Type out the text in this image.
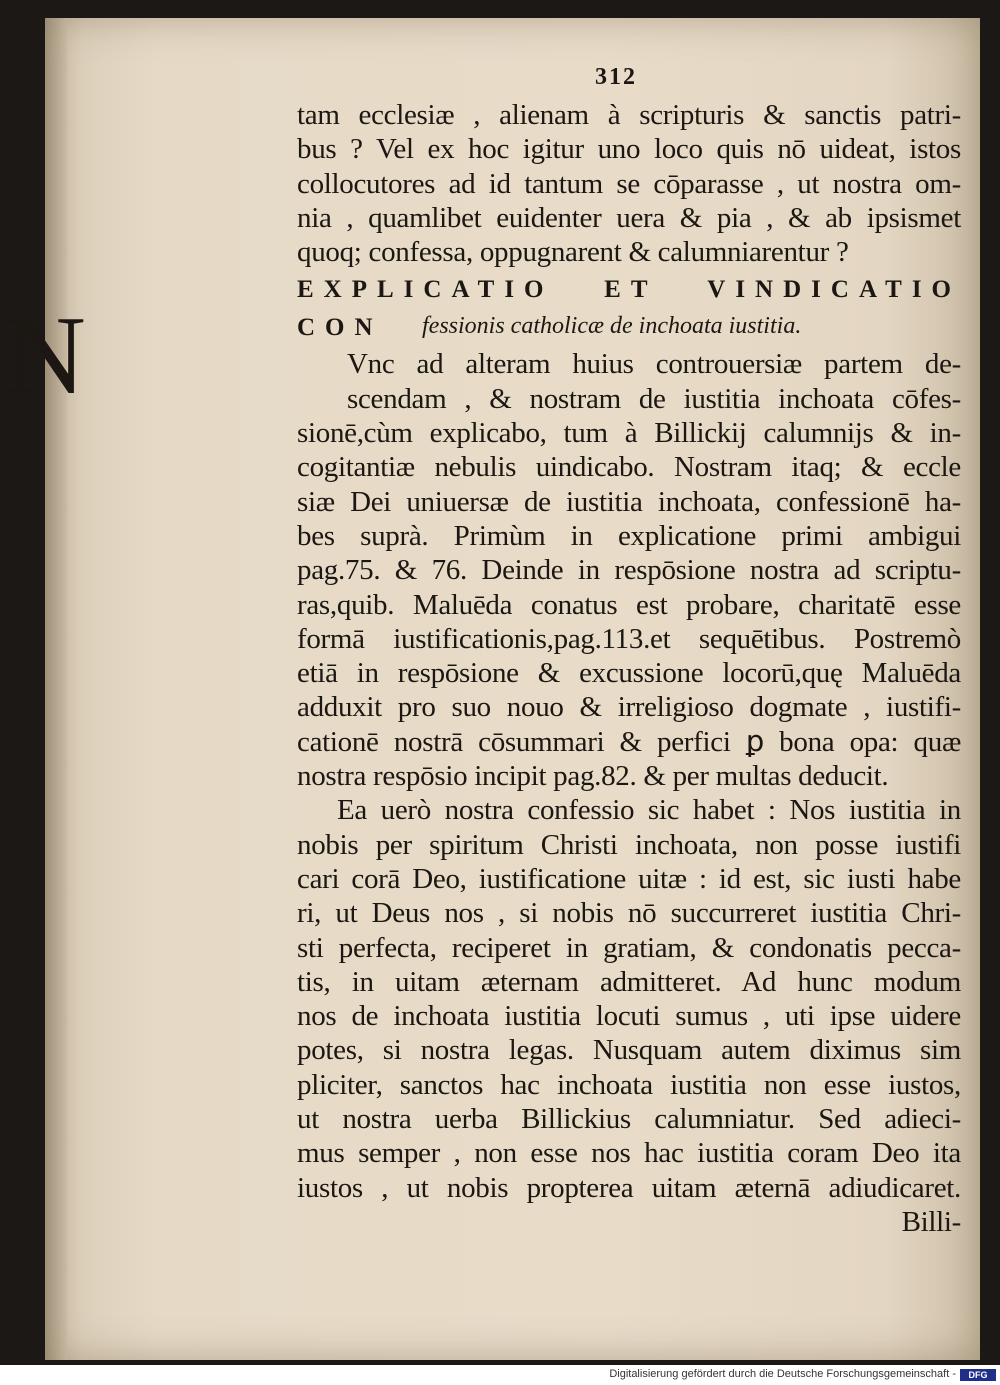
312
N
tam ecclesiæ , alienam à scripturis & sanctis patri-
bus ? Vel ex hoc igitur uno loco quis nō uideat, istos
collocutores ad id tantum se cōparasse , ut nostra om-
nia , quamlibet euidenter uera & pia , & ab ipsismet
quoq; confessa, oppugnarent & calumniarentur ?
EXPLICATIO ET VINDICATIO CON	fessionis catholicæ de inchoata iustitia.
Vnc ad alteram huius controuersiæ partem de-
scendam , & nostram de iustitia inchoata cōfes-
sionē,cùm explicabo, tum à Billickij calumnijs & in-
cogitantiæ nebulis uindicabo. Nostram itaq; & eccle
siæ Dei uniuersæ de iustitia inchoata, confessionē ha-
bes suprà. Primùm in explicatione primi ambigui
pag.75. & 76. Deinde in respōsione nostra ad scriptu-
ras,quib. Maluēda conatus est probare, charitatē esse
formā iustificationis,pag.113.et sequētibus. Postremò
etiā in respōsione & excussione locorū,quę Maluēda
adduxit pro suo nouo & irreligioso dogmate , iustifi-
cationē nostrā cōsummari & perfici ꝑ bona opa: quæ
nostra respōsio incipit pag.82. & per multas deducit.
Ea uerò nostra confessio sic habet : Nos iustitia in
nobis per spiritum Christi inchoata, non posse iustifi
cari corā Deo, iustificatione uitæ : id est, sic iusti habe
ri, ut Deus nos , si nobis nō succurreret iustitia Chri-
sti perfecta, reciperet in gratiam, & condonatis pecca-
tis, in uitam æternam admitteret. Ad hunc modum
nos de inchoata iustitia locuti sumus , uti ipse uidere
potes, si nostra legas. Nusquam autem diximus sim
pliciter, sanctos hac inchoata iustitia non esse iustos,
ut nostra uerba Billickius calumniatur. Sed adieci-
mus semper , non esse nos hac iustitia coram Deo ita
iustos , ut nobis propterea uitam æternā adiudicaret.
Billi-
Digitalisierung gefördert durch die Deutsche Forschungsgemeinschaft -	DFG
